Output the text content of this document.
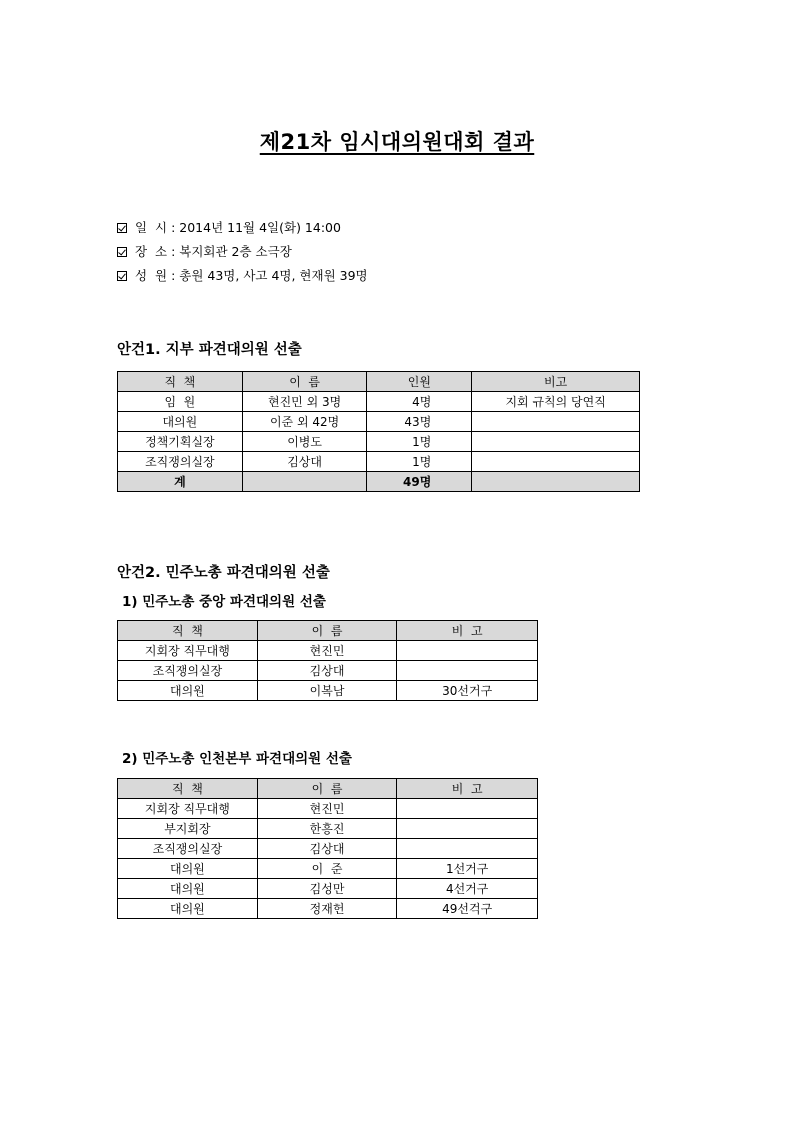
제21차 임시대의원대회 결과
일  시 : 2014년 11월 4일(화) 14:00
장  소 : 복지회관 2층 소극장
성  원 : 총원 43명, 사고 4명, 현재원 39명
안건1. 지부 파견대의원 선출
직  책	이  름	인원	비고
임  원	현진민 외 3명	4명	지회 규칙의 당연직
대의원	이준 외 42명	43명	
정책기획실장	이병도	1명	
조직쟁의실장	김상대	1명	
계		49명	
안건2. 민주노총 파견대의원 선출
1) 민주노총 중앙 파견대의원 선출
직  책	이  름	비  고
지회장 직무대행	현진민	
조직쟁의실장	김상대	
대의원	이복남	30선거구
2) 민주노총 인천본부 파견대의원 선출
직  책	이  름	비  고
지회장 직무대행	현진민	
부지회장	한흥진	
조직쟁의실장	김상대	
대의원	이  준	1선거구
대의원	김성만	4선거구
대의원	정재헌	49선걱구
